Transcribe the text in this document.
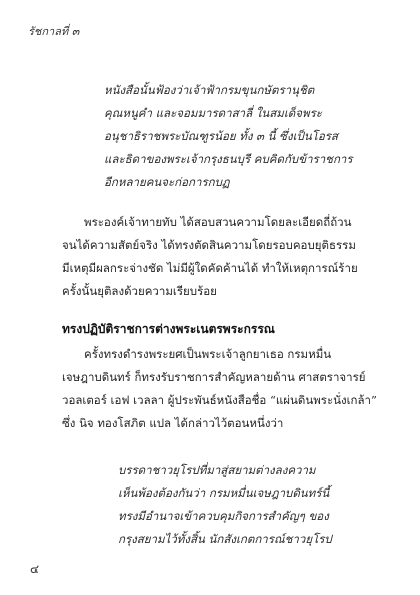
รัชกาลที่ ๓
หนังสือนั้นฟ้องว่าเจ้าฟ้ากรมขุนกษัตรานุชิต
คุณหนูคำ และจอมมารดาสาลี่ ในสมเด็จพระ
อนุชาธิราชพระบัณฑูรน้อย ทั้ง ๓ นี้ ซึ่งเป็นโอรส
และธิดาของพระเจ้ากรุงธนบุรี คบคิดกับข้าราชการ
อีกหลายคนจะก่อการกบฏ
พระองค์เจ้าทายทับ ได้สอบสวนความโดยละเอียดถี่ถ้วน
จนได้ความสัตย์จริง ได้ทรงตัดสินความโดยรอบคอบยุติธรรม
มีเหตุมีผลกระจ่างชัด ไม่มีผู้ใดคัดค้านได้ ทำให้เหตุการณ์ร้าย
ครั้งนั้นยุติลงด้วยความเรียบร้อย
ทรงปฏิบัติราชการต่างพระเนตรพระกรรณ
ครั้งทรงดำรงพระยศเป็นพระเจ้าลูกยาเธอ กรมหมื่น
เจษฎาบดินทร์ ก็ทรงรับราชการสำคัญหลายด้าน ศาสตราจารย์
วอลเตอร์ เอฟ เวลลา ผู้ประพันธ์หนังสือชื่อ “แผ่นดินพระนั่งเกล้า”
ซึ่ง นิจ ทองโสภิต แปล ได้กล่าวไว้ตอนหนึ่งว่า
บรรดาชาวยุโรปที่มาสู่สยามต่างลงความ
เห็นพ้องต้องกันว่า กรมหมื่นเจษฎาบดินทร์นี้
ทรงมีอำนาจเข้าควบคุมกิจการสำคัญๆ ของ
กรุงสยามไว้ทั้งสิ้น นักสังเกตการณ์ชาวยุโรป
๔
